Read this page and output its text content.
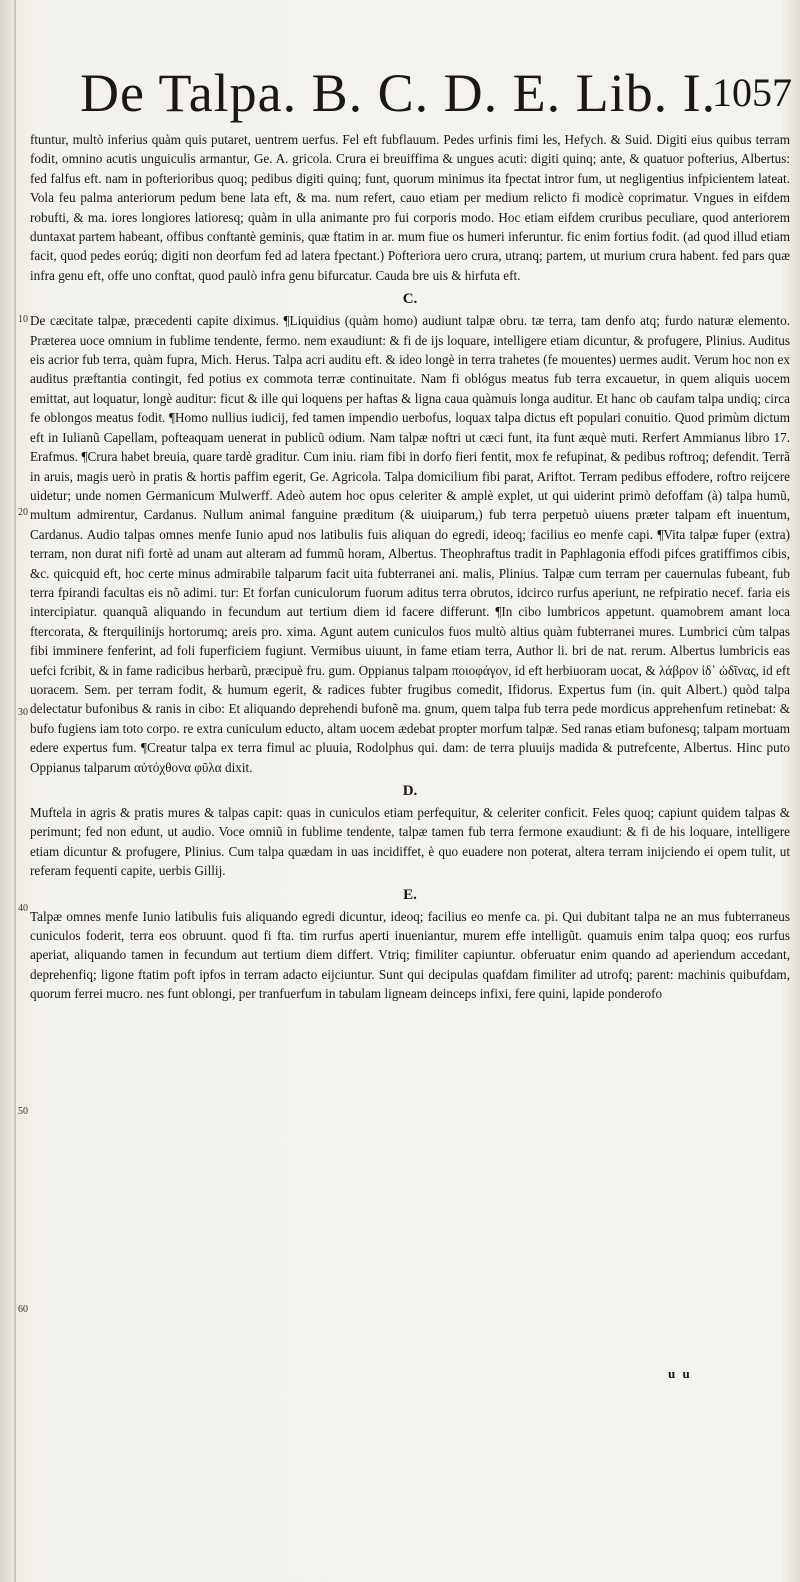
De Talpa. B. C. D. E. Lib. I.
1057
10
20
30
40
50
60

ftuntur, multò inferius quàm quis putaret, uentrem uerfus. Fel eft fubflauum. Pedes urfinis fimi les, Hefych. & Suid. Digiti eius quibus terram fodit, omnino acutis unguiculis armantur, Ge. A. gricola. Crura ei breuiffima & ungues acuti: digiti quinq; ante, & quatuor pofterius, Albertus: fed falfus eft. nam in pofterioribus quoq; pedibus digiti quinq; funt, quorum minimus ita fpectat intror fum, ut negligentius infpicientem lateat. Vola feu palma anteriorum pedum bene lata eft, & ma. num refert, cauo etiam per medium relicto fi modicè coprimatur. Vngues in eifdem robufti, & ma. iores longiores latioresq; quàm in ulla animante pro fui corporis modo. Hoc etiam eifdem cruribus peculiare, quod anteriorem duntaxat partem habeant, offibus conftantè geminis, quæ ftatim in ar. mum fiue os humeri inferuntur. fic enim fortius fodit. (ad quod illud etiam facit, quod pedes eorúq; digiti non deorfum fed ad latera fpectant.) Pofteriora uero crura, utranq; partem, ut murium crura habent. fed pars quæ infra genu eft, offe uno conftat, quod paulò infra genu bifurcatur. Cauda bre uis & hirfuta eft.

C.

De cæcitate talpæ, præcedenti capite diximus. ¶Liquidius (quàm homo) audiunt talpæ obru. tæ terra, tam denfo atq; furdo naturæ elemento. Præterea uoce omnium in fublime tendente, fermo. nem exaudiunt: & fi de ijs loquare, intelligere etiam dicuntur, & profugere, Plinius. Auditus eis acrior fub terra, quàm fupra, Mich. Herus. Talpa acri auditu eft. & ideo longè in terra trahetes (fe mouentes) uermes audit. Verum hoc non ex auditus præftantia contingit, fed potius ex commota terræ continuitate. Nam fi oblógus meatus fub terra excauetur, in quem aliquis uocem emittat, aut loquatur, longè auditur: ficut & ille qui loquens per haftas & ligna caua quàmuis longa auditur. Et hanc ob caufam talpa undiq; circa fe oblongos meatus fodit. ¶Homo nullius iudicij, fed tamen impendio uerbofus, loquax talpa dictus eft populari conuitio. Quod primùm dictum eft in Iulianũ Capellam, pofteaquam uenerat in publicũ odium. Nam talpæ noftri ut cæci funt, ita funt æquè muti. Rerfert Ammianus libro 17. Erafmus. ¶Crura habet breuia, quare tardè graditur. Cum iniu. riam fibi in dorfo fieri fentit, mox fe refupinat, & pedibus roftroq; defendit. Terrã in aruis, magis uerò in pratis & hortis paffim egerit, Ge. Agricola. Talpa domicilium fibi parat, Ariftot. Terram pedibus effodere, roftro reijcere uidetur; unde nomen Germanicum Mulwerff. Adeò autem hoc opus celeriter & amplè explet, ut qui uiderint primò defoffam (à) talpa humũ, multum admirentur, Cardanus. Nullum animal fanguine præditum (& uiuiparum,) fub terra perpetuò uiuens præter talpam eft inuentum, Cardanus. Audio talpas omnes menfe Iunio apud nos latibulis fuis aliquan do egredi, ideoq; facilius eo menfe capi. ¶Vita talpæ fuper (extra) terram, non durat nifi fortè ad unam aut alteram ad fummũ horam, Albertus. Theophraftus tradit in Paphlagonia effodi pifces gratiffimos cibis, &c. quicquid eft, hoc certe minus admirabile talparum facit uita fubterranei ani. malis, Plinius. Talpæ cum terram per cauernulas fubeant, fub terra fpirandi facultas eis nõ adimi. tur: Et forfan cuniculorum fuorum aditus terra obrutos, idcirco rurfus aperiunt, ne refpiratio necef. faria eis intercipiatur. quanquã aliquando in fecundum aut tertium diem id facere differunt. ¶In cibo lumbricos appetunt. quamobrem amant loca ftercorata, & fterquilinijs hortorumq; areis pro. xima. Agunt autem cuniculos fuos multò altius quàm fubterranei mures. Lumbrici cùm talpas fibi imminere fenferint, ad foli fuperficiem fugiunt. Vermibus uiuunt, in fame etiam terra, Author li. bri de nat. rerum. Albertus lumbricis eas uefci fcribit, & in fame radicibus herbarũ, præcipuè fru. gum. Oppianus talpam ποιοφάγον, id eft herbiuoram uocat, & λάβρον ἰδ᾽ ὠδῖνας, id eft uoracem. Sem. per terram fodit, & humum egerit, & radices fubter frugibus comedit, Ifidorus. Expertus fum (in. quit Albert.) quòd talpa delectatur bufonibus & ranis in cibo: Et aliquando deprehendi bufonẽ ma. gnum, quem talpa fub terra pede mordicus apprehenfum retinebat: & bufo fugiens iam toto corpo. re extra cuniculum educto, altam uocem ædebat propter morfum talpæ. Sed ranas etiam bufonesq; talpam mortuam edere expertus fum. ¶Creatur talpa ex terra fimul ac pluuia, Rodolphus qui. dam: de terra pluuijs madida & putrefcente, Albertus. Hinc puto Oppianus talparum αὐτόχθονα φῦλα dixit.

D.

Muftela in agris & pratis mures & talpas capit: quas in cuniculos etiam perfequitur, & celeriter conficit. Feles quoq; capiunt quidem talpas & perimunt; fed non edunt, ut audio. Voce omniũ in fublime tendente, talpæ tamen fub terra fermone exaudiunt: & fi de his loquare, intelligere etiam dicuntur & profugere, Plinius. Cum talpa quædam in uas incidiffet, è quo euadere non poterat, altera terram inijciendo ei opem tulit, ut referam fequenti capite, uerbis Gillij.

E.

Talpæ omnes menfe Iunio latibulis fuis aliquando egredi dicuntur, ideoq; facilius eo menfe ca. pi. Qui dubitant talpa ne an mus fubterraneus cuniculos foderit, terra eos obruunt. quod fi fta. tim rurfus aperti inueniantur, murem effe intelligũt. quamuis enim talpa quoq; eos rurfus aperiat, aliquando tamen in fecundum aut tertium diem differt. Vtriq; fimiliter capiuntur. obferuatur enim quando ad aperiendum accedant, deprehenfiq; ligone ftatim poft ipfos in terram adacto eijciuntur. Sunt qui decipulas quafdam fimiliter ad utrofq; parent: machinis quibufdam, quorum ferrei mucro. nes funt oblongi, per tranfuerfum in tabulam ligneam deinceps infixi, fere quini, lapide ponderofo

u u
